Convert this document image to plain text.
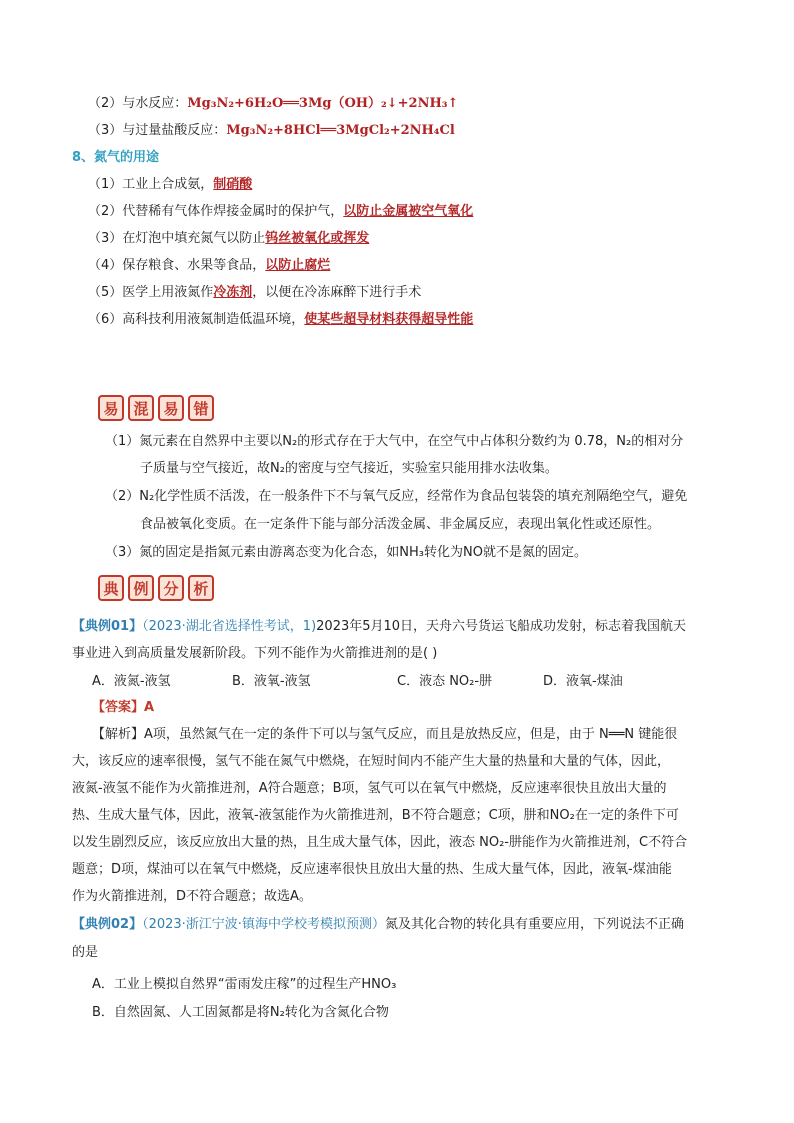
（2）与水反应：Mg₃N₂+6H₂O══3Mg（OH）₂↓+2NH₃↑
（3）与过量盐酸反应：Mg₃N₂+8HCl══3MgCl₂+2NH₄Cl
8、氮气的用途
（1）工业上合成氨，制硝酸
（2）代替稀有气体作焊接金属时的保护气，以防止金属被空气氧化
（3）在灯泡中填充氮气以防止钨丝被氧化或挥发
（4）保存粮食、水果等食品，以防止腐烂
（5）医学上用液氮作冷冻剂，以便在冷冻麻醉下进行手术
（6）高科技利用液氮制造低温环境，使某些超导材料获得超导性能
易 混 易 错
（1）氮元素在自然界中主要以N₂的形式存在于大气中，在空气中占体积分数约为 0.78，N₂的相对分
子质量与空气接近，故N₂的密度与空气接近，实验室只能用排水法收集。
（2）N₂化学性质不活泼，在一般条件下不与氧气反应，经常作为食品包装袋的填充剂隔绝空气，避免
食品被氧化变质。在一定条件下能与部分活泼金属、非金属反应，表现出氧化性或还原性。
（3）氮的固定是指氮元素由游离态变为化合态，如NH₃转化为NO就不是氮的固定。
典 例 分 析
【典例01】（2023·湖北省选择性考试，1)2023年5月10日，天舟六号货运飞船成功发射，标志着我国航天
事业进入到高质量发展新阶段。下列不能作为火箭推进剂的是( )
A．液氮-液氢	B．液氧-液氢	C．液态 NO₂-肼	D．液氧-煤油
【答案】A
【解析】A项，虽然氮气在一定的条件下可以与氢气反应，而且是放热反应，但是，由于 N══N 键能很
大，该反应的速率很慢，氢气不能在氮气中燃烧，在短时间内不能产生大量的热量和大量的气体，因此，
液氮-液氢不能作为火箭推进剂，A符合题意；B项，氢气可以在氧气中燃烧，反应速率很快且放出大量的
热、生成大量气体，因此，液氧-液氢能作为火箭推进剂，B不符合题意；C项，肼和NO₂在一定的条件下可
以发生剧烈反应，该反应放出大量的热，且生成大量气体，因此，液态 NO₂-肼能作为火箭推进剂，C不符合
题意；D项，煤油可以在氧气中燃烧，反应速率很快且放出大量的热、生成大量气体，因此，液氧-煤油能
作为火箭推进剂，D不符合题意；故选A。
【典例02】（2023·浙江宁波·镇海中学校考模拟预测）氮及其化合物的转化具有重要应用，下列说法不正确
的是
A．工业上模拟自然界“雷雨发庄稼”的过程生产HNO₃
B．自然固氮、人工固氮都是将N₂转化为含氮化合物
